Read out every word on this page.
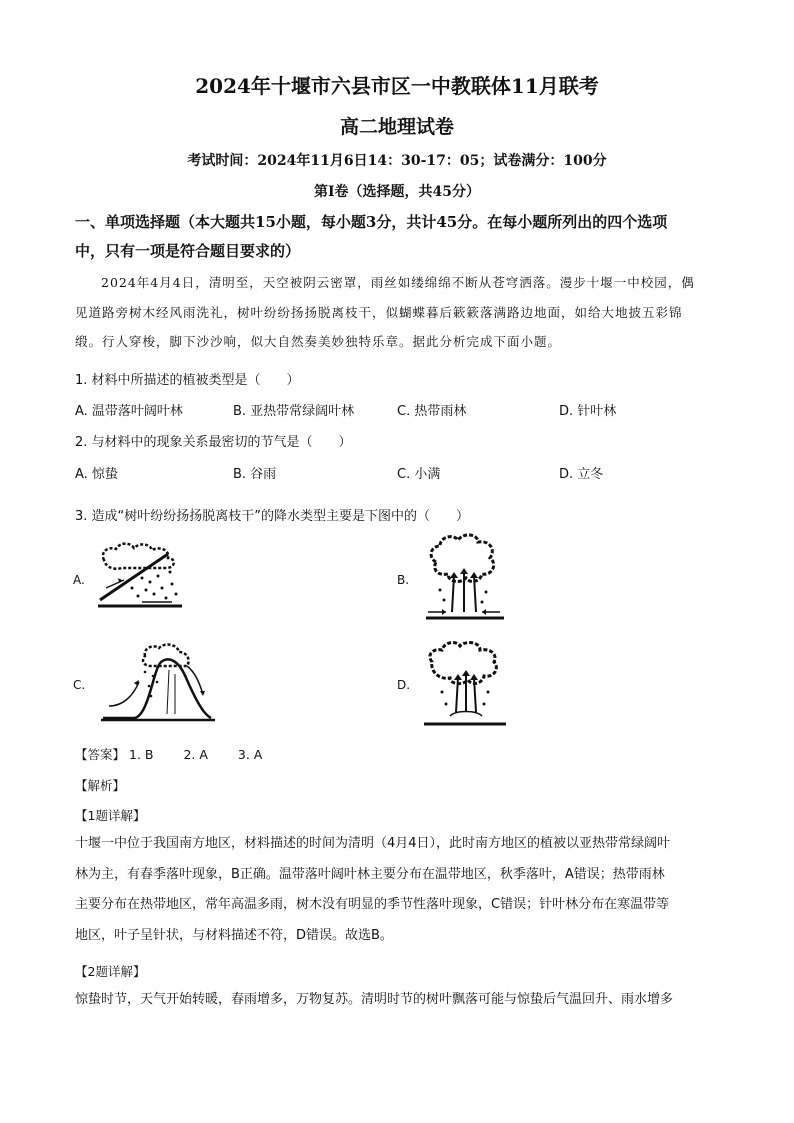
2024年十堰市六县市区一中教联体11月联考
高二地理试卷
考试时间：2024年11月6日14：30-17：05；试卷满分：100分
第Ⅰ卷（选择题，共45分）
一、单项选择题（本大题共15小题，每小题3分，共计45分。在每小题所列出的四个选项
中，只有一项是符合题目要求的）
2024年4月4日，清明至，天空被阴云密罩，雨丝如缕绵绵不断从苍穹洒落。漫步十堰一中校园，偶
见道路旁树木经风雨洗礼，树叶纷纷扬扬脱离枝干，似蝴蝶暮后簌簌落满路边地面，如给大地披五彩锦
缎。行人穿梭，脚下沙沙响，似大自然奏美妙独特乐章。据此分析完成下面小题。
1. 材料中所描述的植被类型是（　　）
A. 温带落叶阔叶林	B. 亚热带常绿阔叶林	C. 热带雨林	D. 针叶林
2. 与材料中的现象关系最密切的节气是（　　）
A. 惊蛰	B. 谷雨	C. 小满	D. 立冬
3. 造成“树叶纷纷扬扬脱离枝干”的降水类型主要是下图中的（　　）
A.	B.
C.	D.
【答案】 1. B 2. A 3. A
【解析】
【1题详解】
十堰一中位于我国南方地区，材料描述的时间为清明（4月4日），此时南方地区的植被以亚热带常绿阔叶
林为主，有春季落叶现象，B正确。温带落叶阔叶林主要分布在温带地区，秋季落叶，A错误；热带雨林
主要分布在热带地区，常年高温多雨，树木没有明显的季节性落叶现象，C错误；针叶林分布在寒温带等
地区，叶子呈针状，与材料描述不符，D错误。故选B。
【2题详解】
惊蛰时节，天气开始转暖，春雨增多，万物复苏。清明时节的树叶飘落可能与惊蛰后气温回升、雨水增多
